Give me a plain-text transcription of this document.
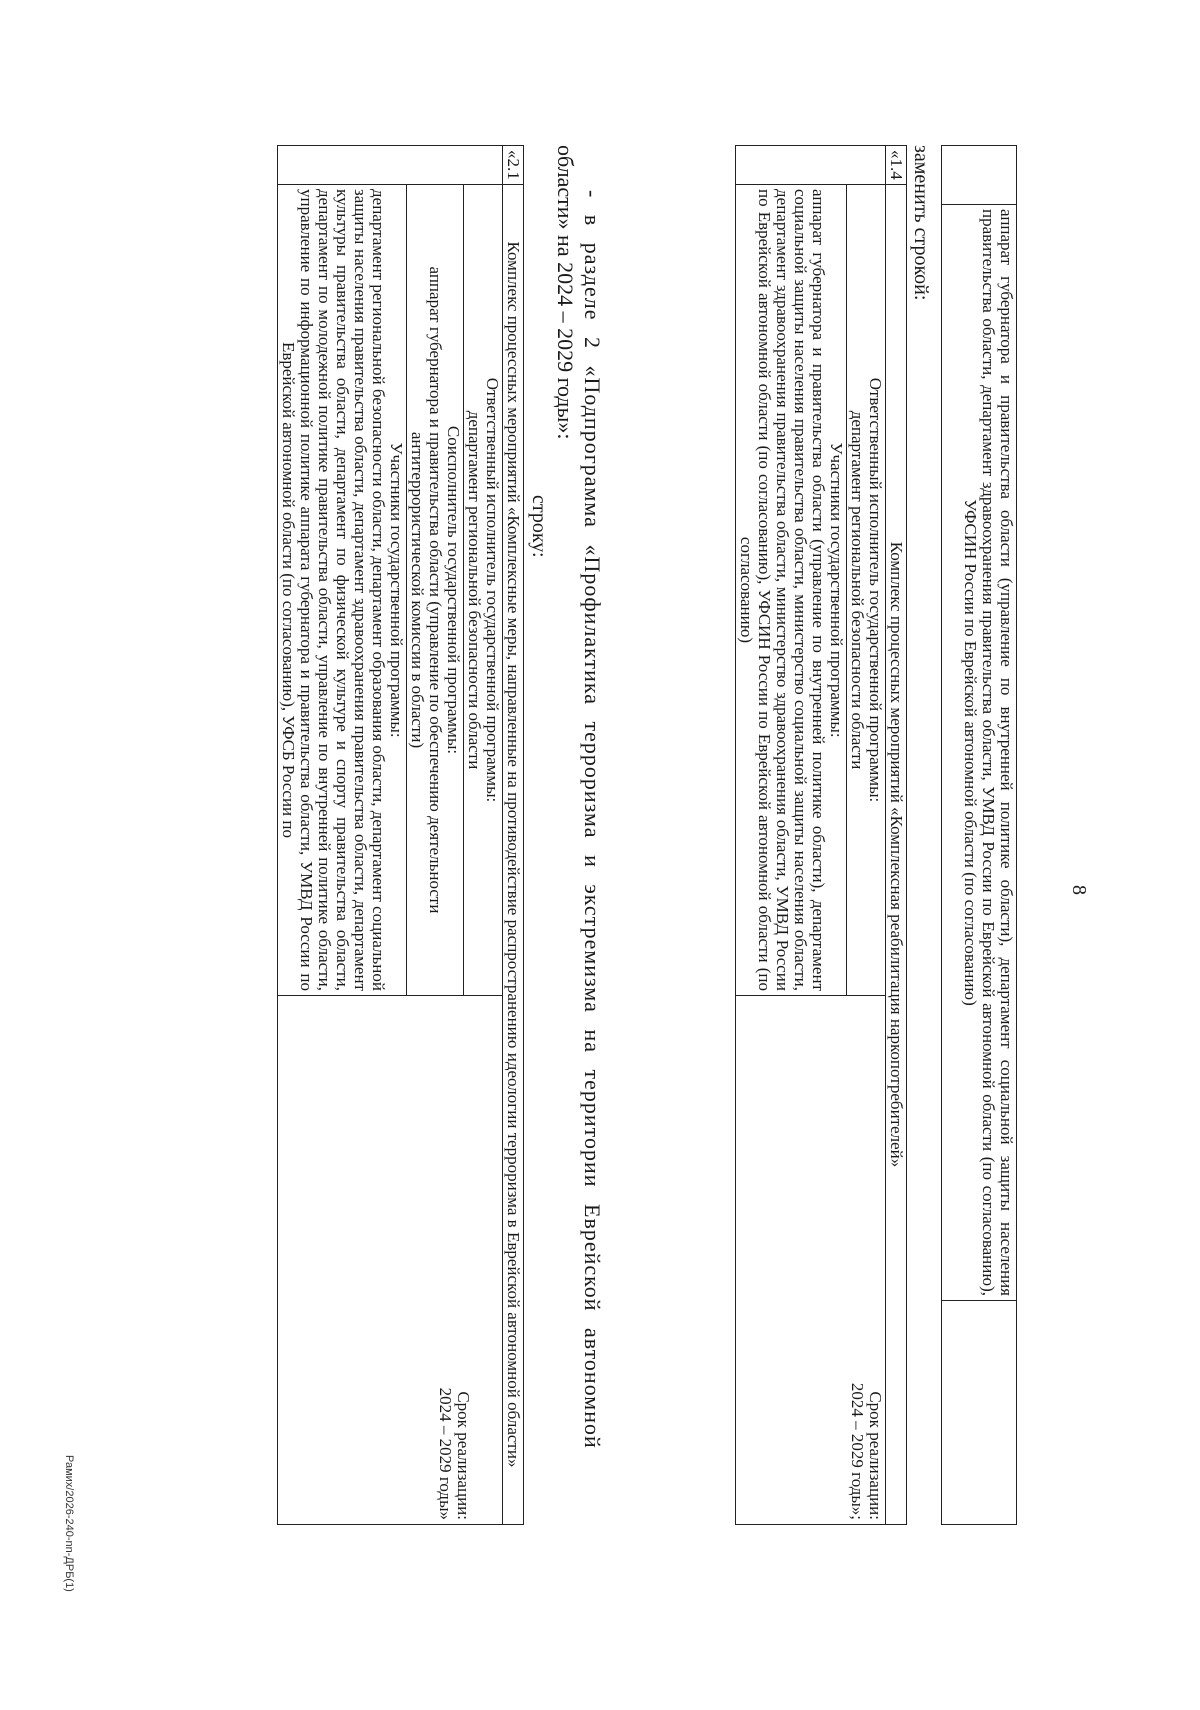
8
	аппарат губернатора и правительства области (управление по внутренней политике области), департамент социальной защиты населения правительства области, департамент здравоохранения правительства области, УМВД России по Еврейской автономной области (по согласованию), УФСИН России по Еврейской автономной области (по согласованию)	
заменить строкой:
«1.4	Комплекс процессных мероприятий «Комплексная реабилитация наркопотребителей»	

	Ответственный исполнитель государственной программы:
департамент региональной безопасности области	Срок реализации:
2024 – 2029 годы»;

	Участники государственной программы:
аппарат губернатора и правительства области (управление по внутренней политике области), департамент социальной защиты населения правительства области, министерство социальной защиты населения области, департамент здравоохранения правительства области, министерство здравоохранения области, УМВД России по Еврейской автономной области (по согласованию), УФСИН России по Еврейской автономной области (по согласованию)	
- в разделе 2 «Подпрограмма «Профилактика терроризма и экстремизма на территории Еврейской автономной
области» на 2024 – 2029 годы»:
строку:
«2.1	Комплекс процессных мероприятий «Комплексные меры, направленные на противодействие распространению идеологии терроризма в Еврейской автономной области»	

	Ответственный исполнитель государственной программы:
департамент региональной безопасности области	Срок реализации:
2024 – 2029 годы»

	Соисполнитель государственной программы:
аппарат губернатора и правительства области (управление по обеспечению деятельности антитеррористической комиссии в области)	

	Участники государственной программы:
департамент региональной безопасности области, департамент образования области, департамент социальной защиты населения правительства области, департамент здравоохранения правительства области, департамент культуры правительства области, департамент по физической культуре и спорту правительства области, департамент по молодежной политике правительства области, управление по внутренней политике области, управление по информационной политике аппарата губернатора и правительства области, УМВД России по Еврейской автономной области (по согласованию), УФСБ России по	
Рамих/2026-240-nn-ДРБ(1)
